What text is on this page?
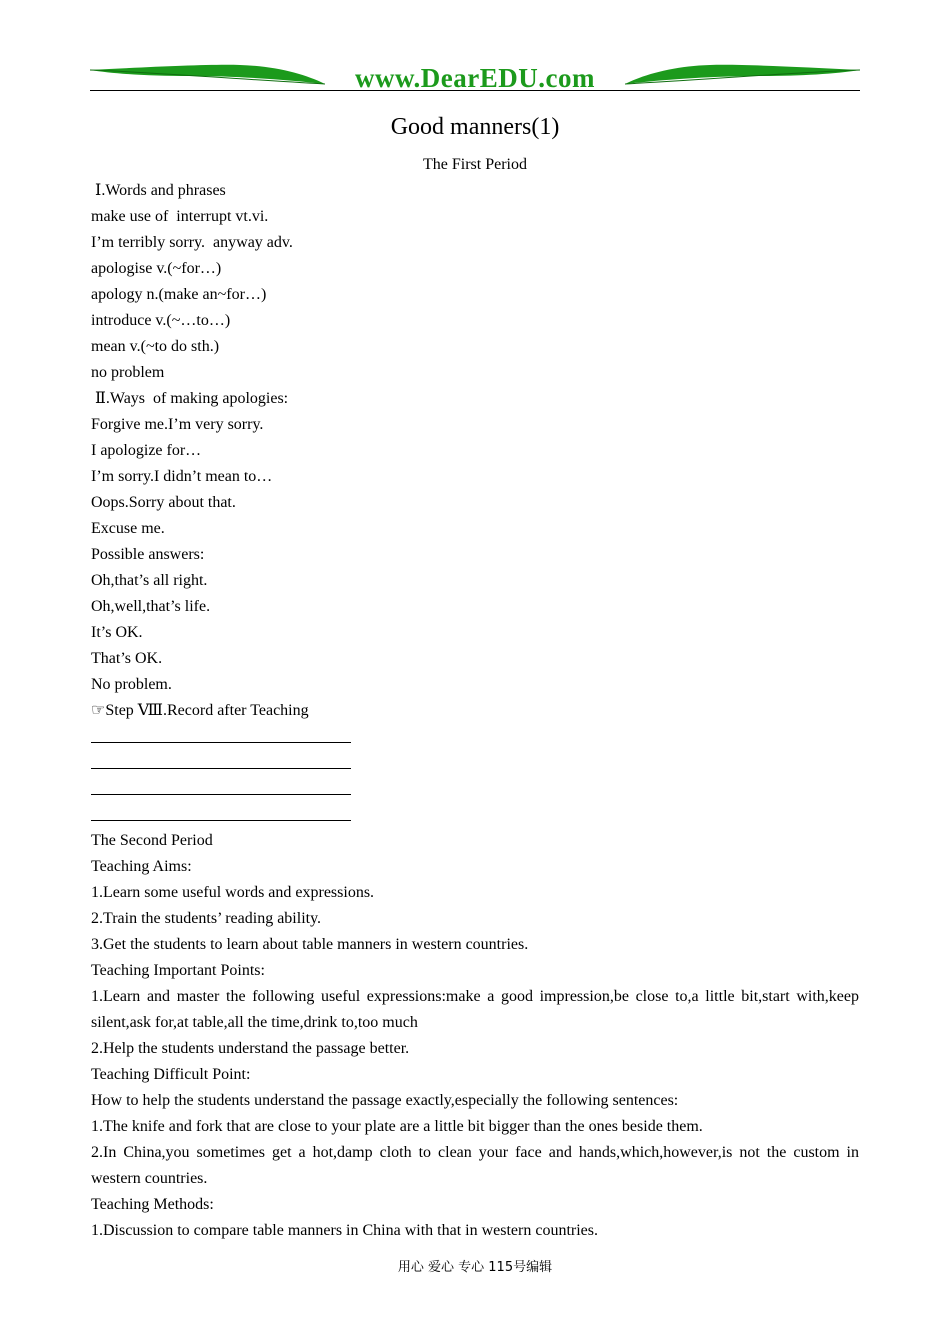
www.DearEDU.com
Good manners(1)
The First Period

Ⅰ.Words and phrases

make use of  interrupt vt.vi.

I’m terribly sorry.  anyway adv.

apologise v.(~for…)

apology n.(make an~for…)

introduce v.(~…to…)

mean v.(~to do sth.)

no problem

Ⅱ.Ways  of making apologies:

Forgive me.I’m very sorry.

I apologize for…

I’m sorry.I didn’t mean to…

Oops.Sorry about that.

Excuse me.

Possible answers:

Oh,that’s all right.

Oh,well,that’s life.

It’s OK.

That’s OK.

No problem.

☞Step Ⅷ.Record after Teaching

The Second Period

Teaching Aims:

1.Learn some useful words and expressions.

2.Train the students’ reading ability.

3.Get the students to learn about table manners in western countries.

Teaching Important Points:

1.Learn and master the following useful expressions:make a good impression,be close to,a little bit,start with,keep silent,ask for,at table,all the time,drink to,too much

2.Help the students understand the passage better.

Teaching Difficult Point:

How to help the students understand the passage exactly,especially the following sentences:

1.The knife and fork that are close to your plate are a little bit bigger than the ones beside them.

2.In China,you sometimes get a hot,damp cloth to clean your face and hands,which,however,is not the custom in western countries.

Teaching Methods:

1.Discussion to compare table manners in China with that in western countries.

用心 爱心 专心 115号编辑
